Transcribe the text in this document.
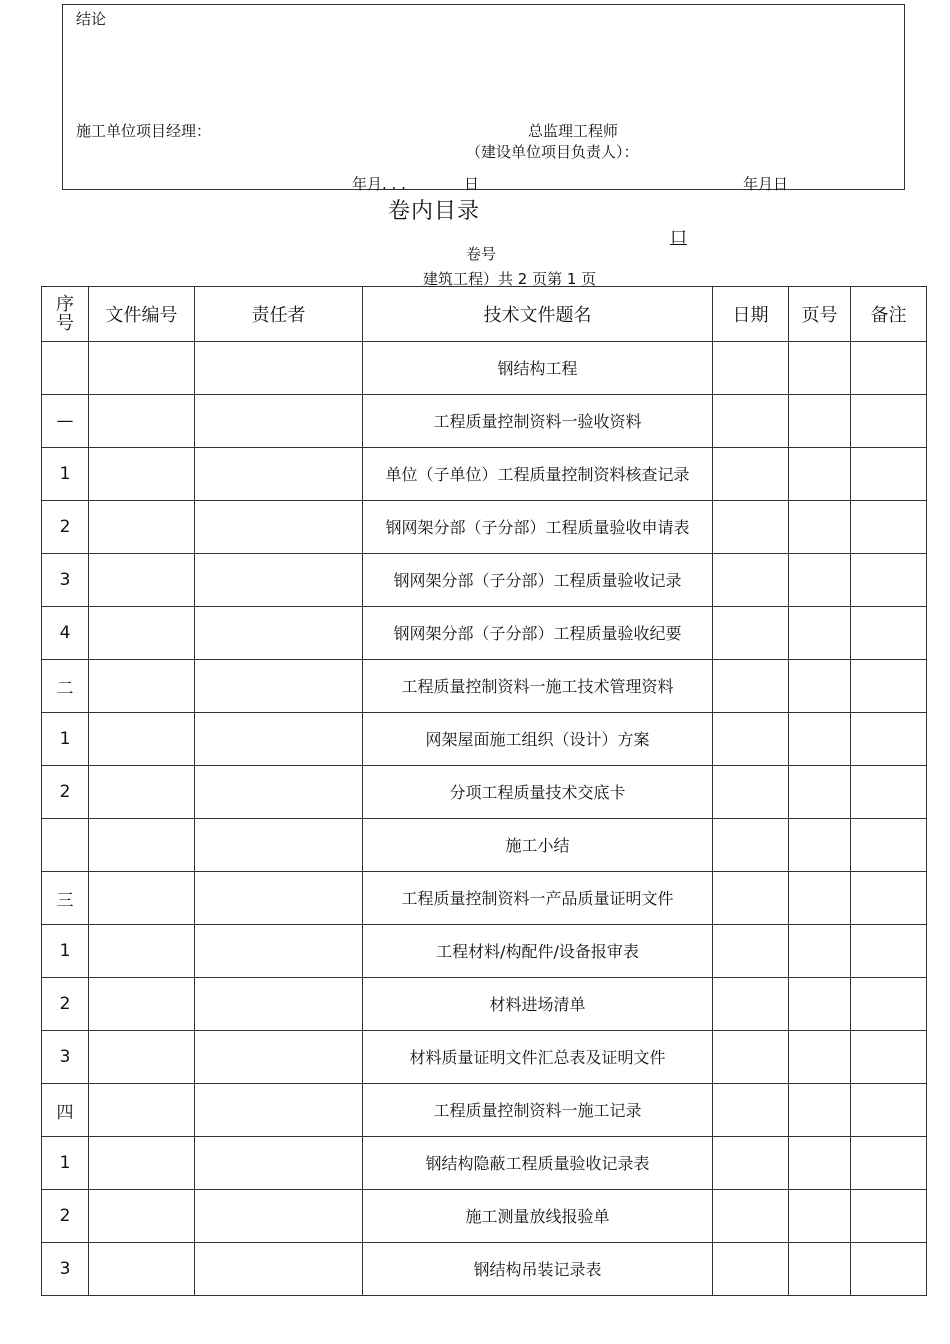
结论
施工单位项目经理：	总监理工程师
（建设单位项目负责人）：
年月. . .	日	年月日
卷内目录
口
卷号
建筑工程）共 2 页第 1 页
序号	文件编号	责任者	技术文件题名	日期	页号	备注
			钢结构工程			
—			工程质量控制资料一验收资料			
1			单位（子单位）工程质量控制资料核查记录			
2			钢网架分部（子分部）工程质量验收申请表			
3			钢网架分部（子分部）工程质量验收记录			
4			钢网架分部（子分部）工程质量验收纪要			
二			工程质量控制资料一施工技术管理资料			
1			网架屋面施工组织（设计）方案			
2			分项工程质量技术交底卡			
			施工小结			
三			工程质量控制资料一产品质量证明文件			
1			工程材料/构配件/设备报审表			
2			材料进场清单			
3			材料质量证明文件汇总表及证明文件			
四			工程质量控制资料一施工记录			
1			钢结构隐蔽工程质量验收记录表			
2			施工测量放线报验单			
3			钢结构吊装记录表			
